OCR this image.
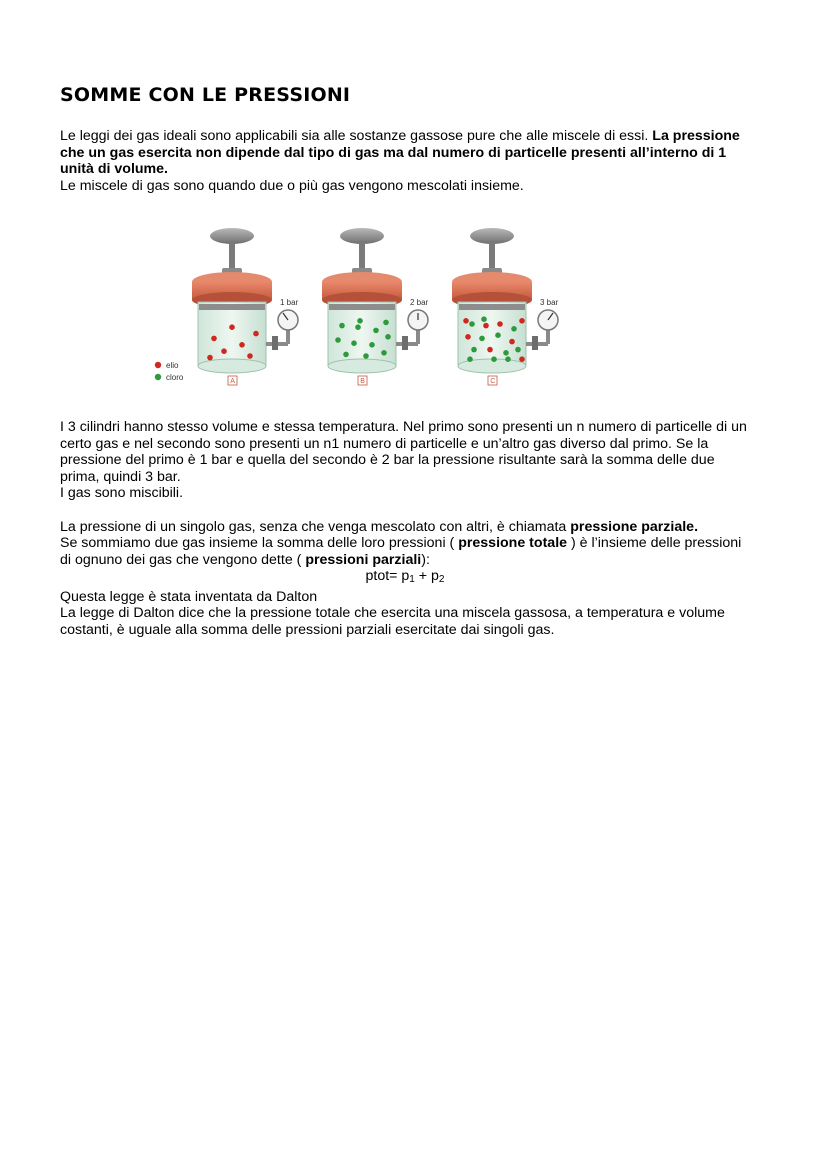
SOMME CON LE PRESSIONI

Le leggi dei gas ideali sono applicabili sia alle sostanze gassose pure che alle miscele di essi. La pressione che un gas esercita non dipende dal tipo di gas ma dal numero di particelle presenti all’interno di 1 unità di volume.

Le miscele di gas sono quando due o più gas vengono mescolati insieme.

elio
cloro
1 bar
A
2 bar
B
3 bar
C

I 3 cilindri hanno stesso volume e stessa temperatura. Nel primo sono presenti un n numero di particelle di un certo gas e nel secondo sono presenti un n1 numero di particelle e un’altro gas diverso dal primo. Se la pressione del primo è 1 bar e quella del secondo è 2 bar la pressione risultante sarà la somma delle due prima, quindi 3 bar.

I gas sono miscibili.

La pressione di un singolo gas, senza che venga mescolato con altri, è chiamata pressione parziale.

Se sommiamo due gas insieme la somma delle loro pressioni ( pressione totale ) è l’insieme delle pressioni di ognuno dei gas che vengono dette ( pressioni parziali):

ptot= $p_1 + p_2$

Questa legge è stata inventata da Dalton

La legge di Dalton dice che la pressione totale che esercita una miscela gassosa, a temperatura e volume costanti, è uguale alla somma delle pressioni parziali esercitate dai singoli gas.
